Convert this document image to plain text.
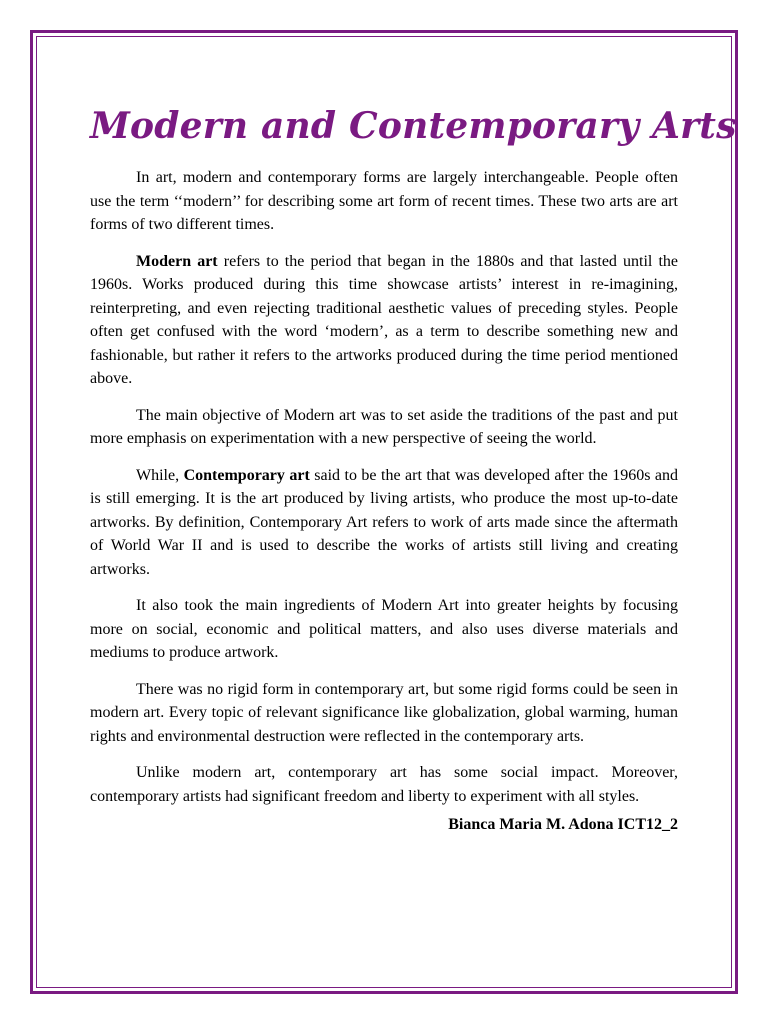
Modern and Contemporary Arts

In art, modern and contemporary forms are largely interchangeable. People often use the term ‘‘modern’’ for describing some art form of recent times. These two arts are art forms of two different times.

Modern art refers to the period that began in the 1880s and that lasted until the 1960s. Works produced during this time showcase artists’ interest in re-imagining, reinterpreting, and even rejecting traditional aesthetic values of preceding styles. People often get confused with the word ‘modern’, as a term to describe something new and fashionable, but rather it refers to the artworks produced during the time period mentioned above.

The main objective of Modern art was to set aside the traditions of the past and put more emphasis on experimentation with a new perspective of seeing the world.

While, Contemporary art said to be the art that was developed after the 1960s and is still emerging. It is the art produced by living artists, who produce the most up-to-date artworks. By definition, Contemporary Art refers to work of arts made since the aftermath of World War II and is used to describe the works of artists still living and creating artworks.

It also took the main ingredients of Modern Art into greater heights by focusing more on social, economic and political matters, and also uses diverse materials and mediums to produce artwork.

There was no rigid form in contemporary art, but some rigid forms could be seen in modern art. Every topic of relevant significance like globalization, global warming, human rights and environmental destruction were reflected in the contemporary arts.

Unlike modern art, contemporary art has some social impact. Moreover, contemporary artists had significant freedom and liberty to experiment with all styles.

Bianca Maria M. Adona ICT12_2
